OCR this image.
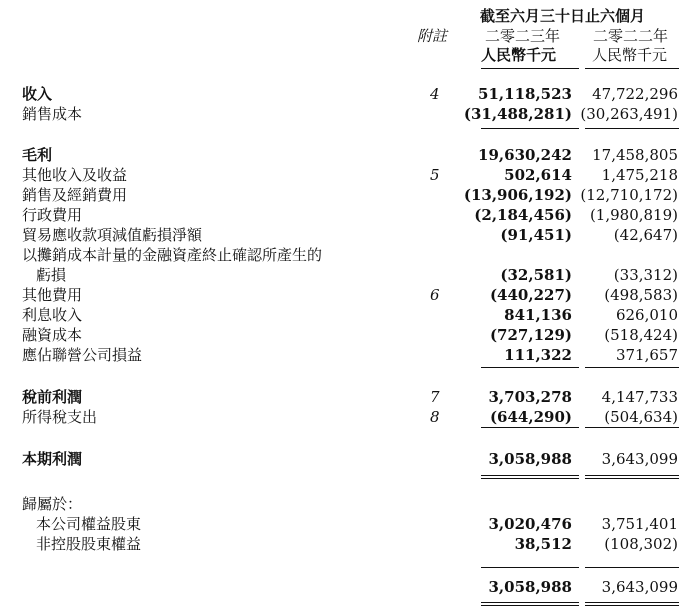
截至六月三十日止六個月
附註	二零二三年 二零二二年
人民幣千元 人民幣千元
收入	4	51,118,523 47,722,296
銷售成本	(31,488,281) (30,263,491)
毛利	19,630,242 17,458,805
其他收入及收益	5	502,614 1,475,218
銷售及經銷費用	(13,906,192) (12,710,172)
行政費用	(2,184,456) (1,980,819)
貿易應收款項減值虧損淨額	(91,451)	(42,647)
以攤銷成本計量的金融資產終止確認所產生的
虧損	(32,581)	(33,312)
其他費用	6	(440,227) (498,583)
利息收入	841,136	626,010
融資成本	(727,129) (518,424)
應佔聯營公司損益	111,322	371,657
稅前利潤	7	3,703,278 4,147,733
所得稅支出	8	(644,290) (504,634)
本期利潤	3,058,988 3,643,099
歸屬於：
本公司權益股東	3,020,476 3,751,401
非控股股東權益	38,512 (108,302)
3,058,988 3,643,099
